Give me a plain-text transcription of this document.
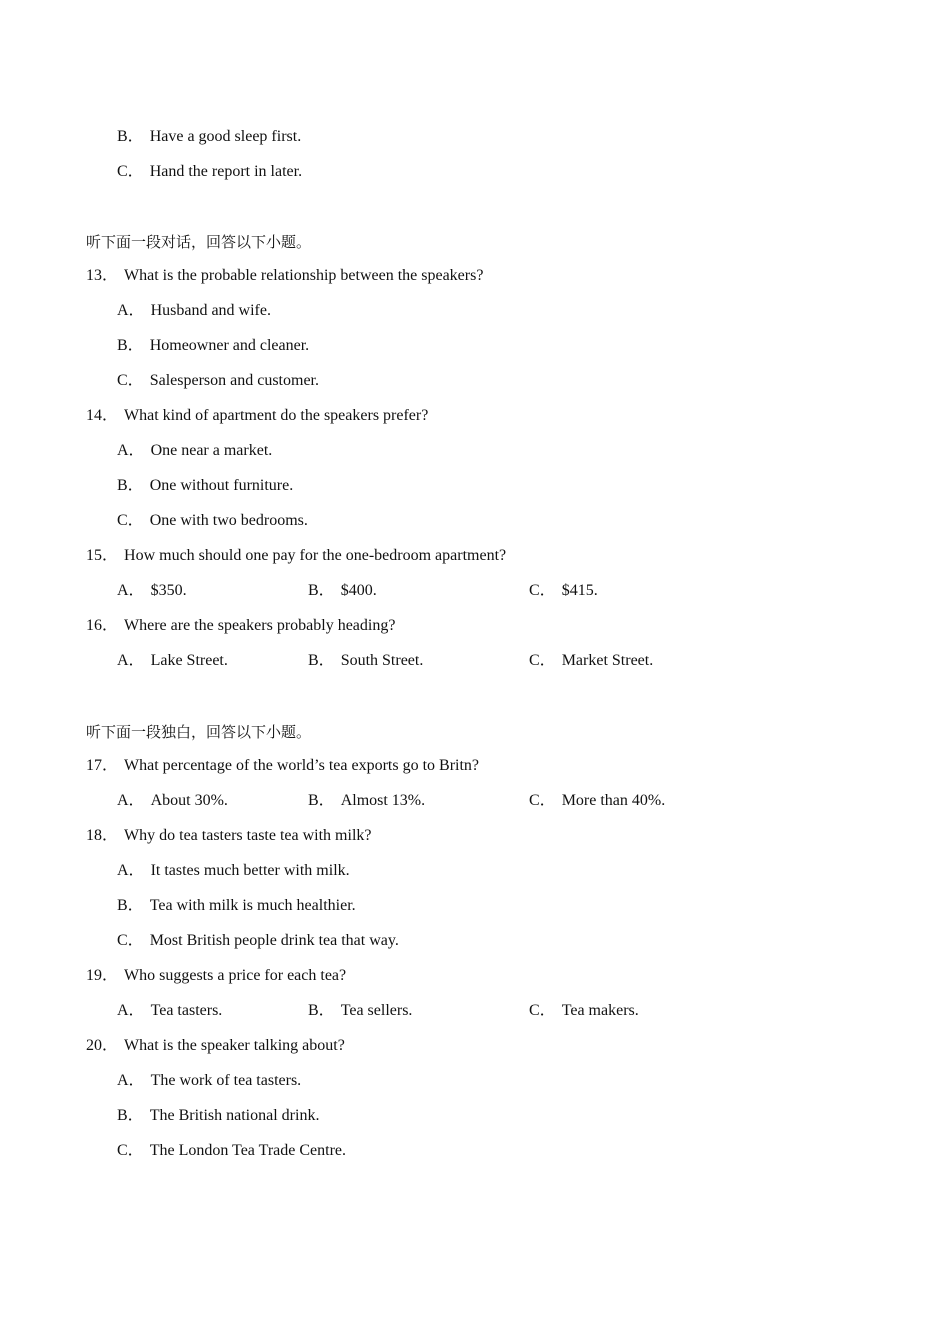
B． Have a good sleep first.
C． Hand the report in later.
听下面一段对话，回答以下小题。
13． What is the probable relationship between the speakers?
A． Husband and wife.
B． Homeowner and cleaner.
C． Salesperson and customer.
14． What kind of apartment do the speakers prefer?
A． One near a market.
B． One without furniture.
C． One with two bedrooms.
15． How much should one pay for the one-bedroom apartment?
A． $350.	B． $400.	C． $415.
16． Where are the speakers probably heading?
A． Lake Street.	B． South Street.	C． Market Street.
听下面一段独白，回答以下小题。
17． What percentage of the world’s tea exports go to Britn?
A． About 30%.	B． Almost 13%.	C． More than 40%.
18． Why do tea tasters taste tea with milk?
A． It tastes much better with milk.
B． Tea with milk is much healthier.
C． Most British people drink tea that way.
19． Who suggests a price for each tea?
A． Tea tasters.	B． Tea sellers.	C． Tea makers.
20． What is the speaker talking about?
A． The work of tea tasters.
B． The British national drink.
C． The London Tea Trade Centre.
